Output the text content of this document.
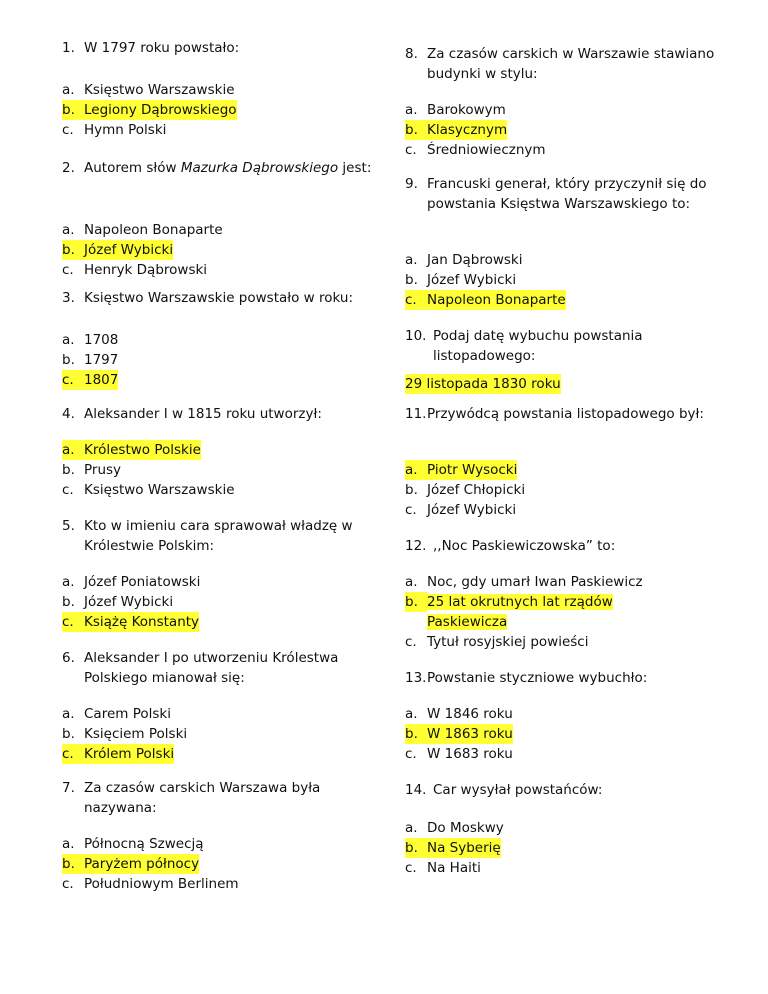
1. W 1797 roku powstało:
a. Księstwo Warszawskie
b. Legiony Dąbrowskiego
c. Hymn Polski
2. Autorem słów Mazurka Dąbrowskiego jest:
a. Napoleon Bonaparte
b. Józef Wybicki
c. Henryk Dąbrowski
3. Księstwo Warszawskie powstało w roku:
a. 1708
b. 1797
c. 1807
4. Aleksander I w 1815 roku utworzył:
a. Królestwo Polskie
b. Prusy
c. Księstwo Warszawskie
5. Kto w imieniu cara sprawował władzę w Królestwie Polskim:
a. Józef Poniatowski
b. Józef Wybicki
c. Książę Konstanty
6. Aleksander I po utworzeniu Królestwa Polskiego mianował się:
a. Carem Polski
b. Księciem Polski
c. Królem Polski
7. Za czasów carskich Warszawa była nazywana:
a. Północną Szwecją
b. Paryżem północy
c. Południowym Berlinem
8. Za czasów carskich w Warszawie stawiano budynki w stylu:
a. Barokowym
b. Klasycznym
c. Średniowiecznym
9. Francuski generał, który przyczynił się do powstania Księstwa Warszawskiego to:
a. Jan Dąbrowski
b. Józef Wybicki
c. Napoleon Bonaparte
10. Podaj datę wybuchu powstania listopadowego:
29 listopada 1830 roku
11. Przywódcą powstania listopadowego był:
a. Piotr Wysocki
b. Józef Chłopicki
c. Józef Wybicki
12. ,,Noc Paskiewiczowska” to:
a. Noc, gdy umarł Iwan Paskiewicz
b. 25 lat okrutnych lat rządów
Paskiewicza
c. Tytuł rosyjskiej powieści
13. Powstanie styczniowe wybuchło:
a. W 1846 roku
b. W 1863 roku
c. W 1683 roku
14. Car wysyłał powstańców:
a. Do Moskwy
b. Na Syberię
c. Na Haiti
